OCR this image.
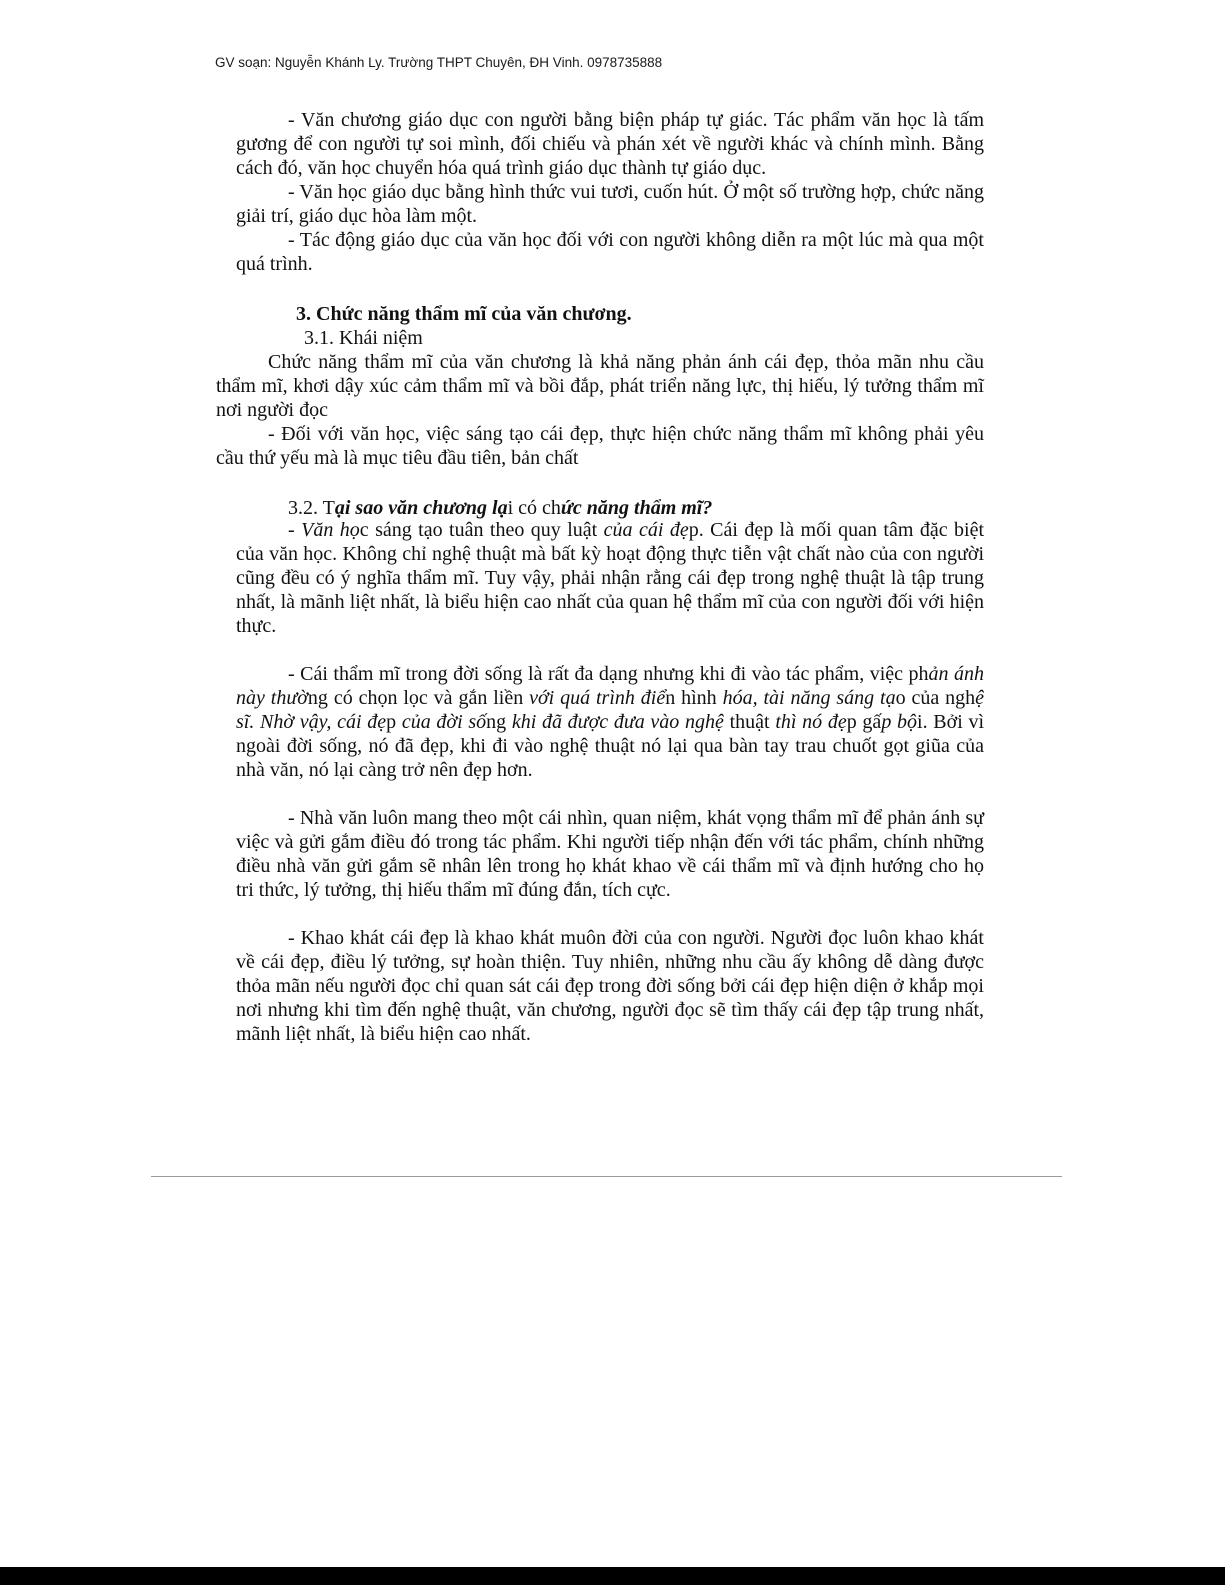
GV soạn: Nguyễn Khánh Ly. Trường THPT Chuyên, ĐH Vinh. 0978735888

- Văn chương giáo dục con người bằng biện pháp tự giác. Tác phẩm văn học là tấm gương để con người tự soi mình, đối chiếu và phán xét về người khác và chính mình. Bằng cách đó, văn học chuyển hóa quá trình giáo dục thành tự giáo dục.

- Văn học giáo dục bằng hình thức vui tươi, cuốn hút. Ở một số trường hợp, chức năng giải trí, giáo dục hòa làm một.

- Tác động giáo dục của văn học đối với con người không diễn ra một lúc mà qua một quá trình.

3. Chức năng thẩm mĩ của văn chương.
3.1. Khái niệm

Chức năng thẩm mĩ của văn chương là khả năng phản ánh cái đẹp, thỏa mãn nhu cầu thẩm mĩ, khơi dậy xúc cảm thẩm mĩ và bồi đắp, phát triển năng lực, thị hiếu, lý tưởng thẩm mĩ nơi người đọc

- Đối với văn học, việc sáng tạo cái đẹp, thực hiện chức năng thẩm mĩ không phải yêu cầu thứ yếu mà là mục tiêu đầu tiên, bản chất

3.2. Tại sao văn chương lại có chức năng thẩm mĩ?

- Văn học sáng tạo tuân theo quy luật của cái đẹp. Cái đẹp là mối quan tâm đặc biệt của văn học. Không chỉ nghệ thuật mà bất kỳ hoạt động thực tiễn vật chất nào của con người cũng đều có ý nghĩa thẩm mĩ. Tuy vậy, phải nhận rằng cái đẹp trong nghệ thuật là tập trung nhất, là mãnh liệt nhất, là biểu hiện cao nhất của quan hệ thẩm mĩ của con người đối với hiện thực.

- Cái thẩm mĩ trong đời sống là rất đa dạng nhưng khi đi vào tác phẩm, việc phản ánh này thường có chọn lọc và gắn liền với quá trình điển hình hóa, tài năng sáng tạo của nghệ sĩ. Nhờ vậy, cái đẹp của đời sống khi đã được đưa vào nghệ thuật thì nó đẹp gấp bội. Bởi vì ngoài đời sống, nó đã đẹp, khi đi vào nghệ thuật nó lại qua bàn tay trau chuốt gọt giũa của nhà văn, nó lại càng trở nên đẹp hơn.

- Nhà văn luôn mang theo một cái nhìn, quan niệm, khát vọng thẩm mĩ để phản ánh sự việc và gửi gắm điều đó trong tác phẩm. Khi người tiếp nhận đến với tác phẩm, chính những điều nhà văn gửi gắm sẽ nhân lên trong họ khát khao về cái thẩm mĩ và định hướng cho họ tri thức, lý tưởng, thị hiếu thẩm mĩ đúng đắn, tích cực.

- Khao khát cái đẹp là khao khát muôn đời của con người. Người đọc luôn khao khát về cái đẹp, điều lý tưởng, sự hoàn thiện. Tuy nhiên, những nhu cầu ấy không dễ dàng được thỏa mãn nếu người đọc chỉ quan sát cái đẹp trong đời sống bởi cái đẹp hiện diện ở khắp mọi nơi nhưng khi tìm đến nghệ thuật, văn chương, người đọc sẽ tìm thấy cái đẹp tập trung nhất, mãnh liệt nhất, là biểu hiện cao nhất.
